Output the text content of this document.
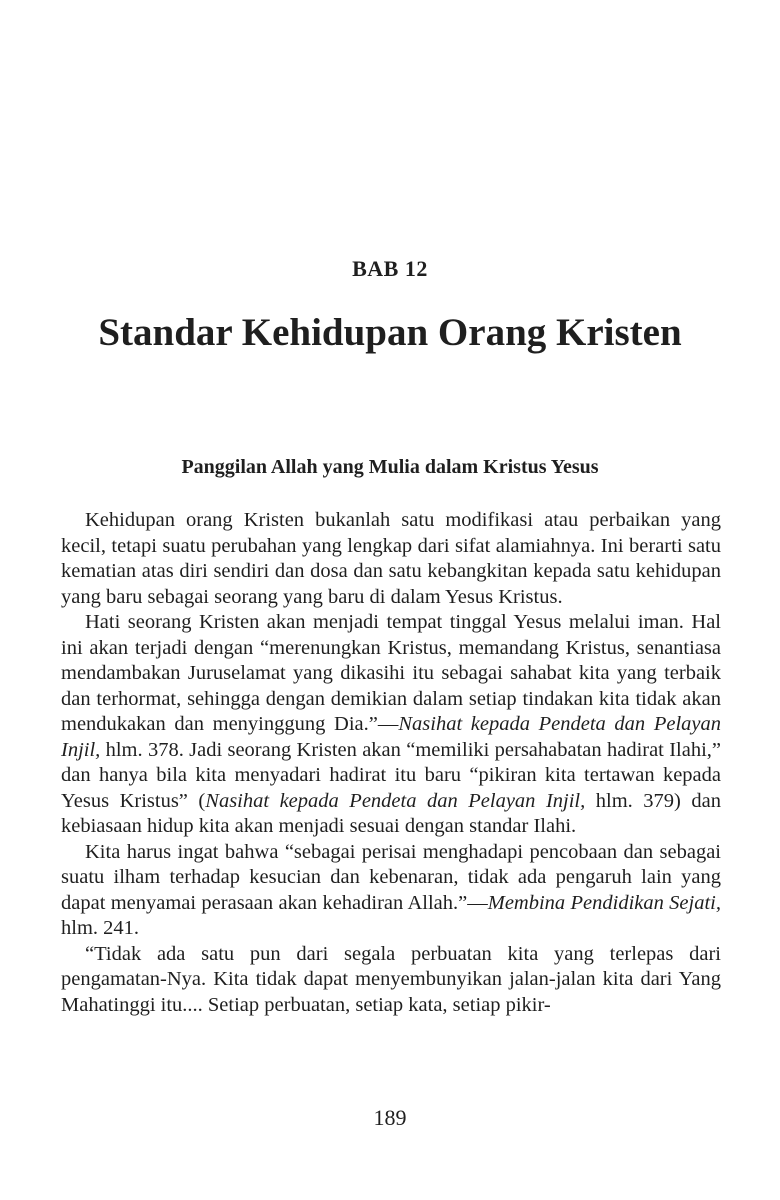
BAB 12
Standar Kehidupan Orang Kristen
Panggilan Allah yang Mulia dalam Kristus Yesus

Kehidupan orang Kristen bukanlah satu modifikasi atau perbaikan yang kecil, tetapi suatu perubahan yang lengkap dari sifat alamiahnya. Ini berarti satu kematian atas diri sendiri dan dosa dan satu kebangkitan kepada satu kehidupan yang baru sebagai seorang yang baru di dalam Yesus Kristus.

Hati seorang Kristen akan menjadi tempat tinggal Yesus melalui iman. Hal ini akan terjadi dengan “merenungkan Kristus, memandang Kristus, senantiasa mendambakan Juruselamat yang dikasihi itu sebagai sahabat kita yang terbaik dan terhormat, sehingga dengan demikian dalam setiap tindakan kita tidak akan mendukakan dan menyinggung Dia.”—Nasihat kepada Pendeta dan Pelayan Injil, hlm. 378. Jadi seorang Kristen akan “memiliki persahabatan hadirat Ilahi,” dan hanya bila kita menyadari hadirat itu baru “pikiran kita tertawan kepada Yesus Kristus” (Nasihat kepada Pendeta dan Pelayan Injil, hlm. 379) dan kebiasaan hidup kita akan menjadi sesuai dengan standar Ilahi.

Kita harus ingat bahwa “sebagai perisai menghadapi pencobaan dan sebagai suatu ilham terhadap kesucian dan kebenaran, tidak ada pengaruh lain yang dapat menyamai perasaan akan kehadiran Allah.”—Membina Pendidikan Sejati, hlm. 241.

“Tidak ada satu pun dari segala perbuatan kita yang terlepas dari pengamatan-Nya. Kita tidak dapat menyembunyikan jalan-jalan kita dari Yang Mahatinggi itu.... Setiap perbuatan, setiap kata, setiap pikir-

189
